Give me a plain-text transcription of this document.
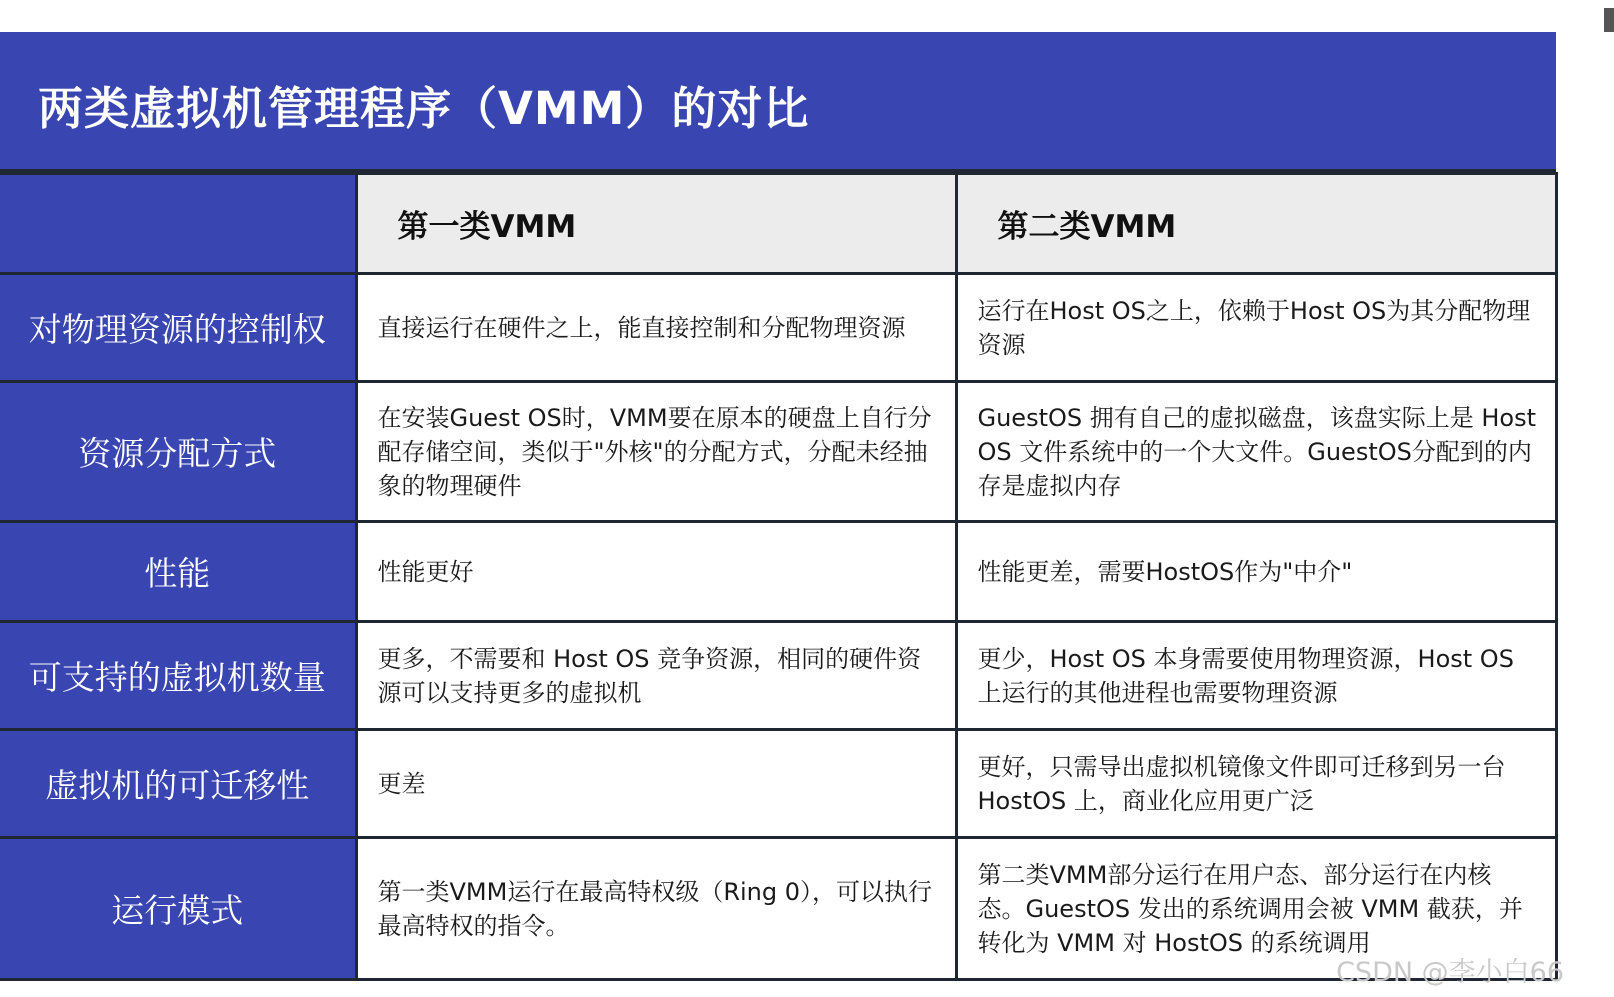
两类虚拟机管理程序（VMM）的对比
	第一类VMM	第二类VMM
对物理资源的控制权	直接运行在硬件之上，能直接控制和分配物理资源	运行在Host OS之上，依赖于Host OS为其分配物理资源
资源分配方式	在安装Guest OS时，VMM要在原本的硬盘上自行分配存储空间，类似于"外核"的分配方式，分配未经抽象的物理硬件	GuestOS 拥有自己的虚拟磁盘，该盘实际上是 Host OS 文件系统中的一个大文件。GuestOS分配到的内存是虚拟内存
性能	性能更好	性能更差，需要HostOS作为"中介"
可支持的虚拟机数量	更多，不需要和 Host OS 竞争资源，相同的硬件资源可以支持更多的虚拟机	更少，Host OS 本身需要使用物理资源，Host OS 上运行的其他进程也需要物理资源
虚拟机的可迁移性	更差	更好，只需导出虚拟机镜像文件即可迁移到另一台 HostOS 上，商业化应用更广泛
运行模式	第一类VMM运行在最高特权级（Ring 0），可以执行最高特权的指令。	第二类VMM部分运行在用户态、部分运行在内核态。GuestOS 发出的系统调用会被 VMM 截获，并转化为 VMM 对 HostOS 的系统调用
CSDN @李小白66
